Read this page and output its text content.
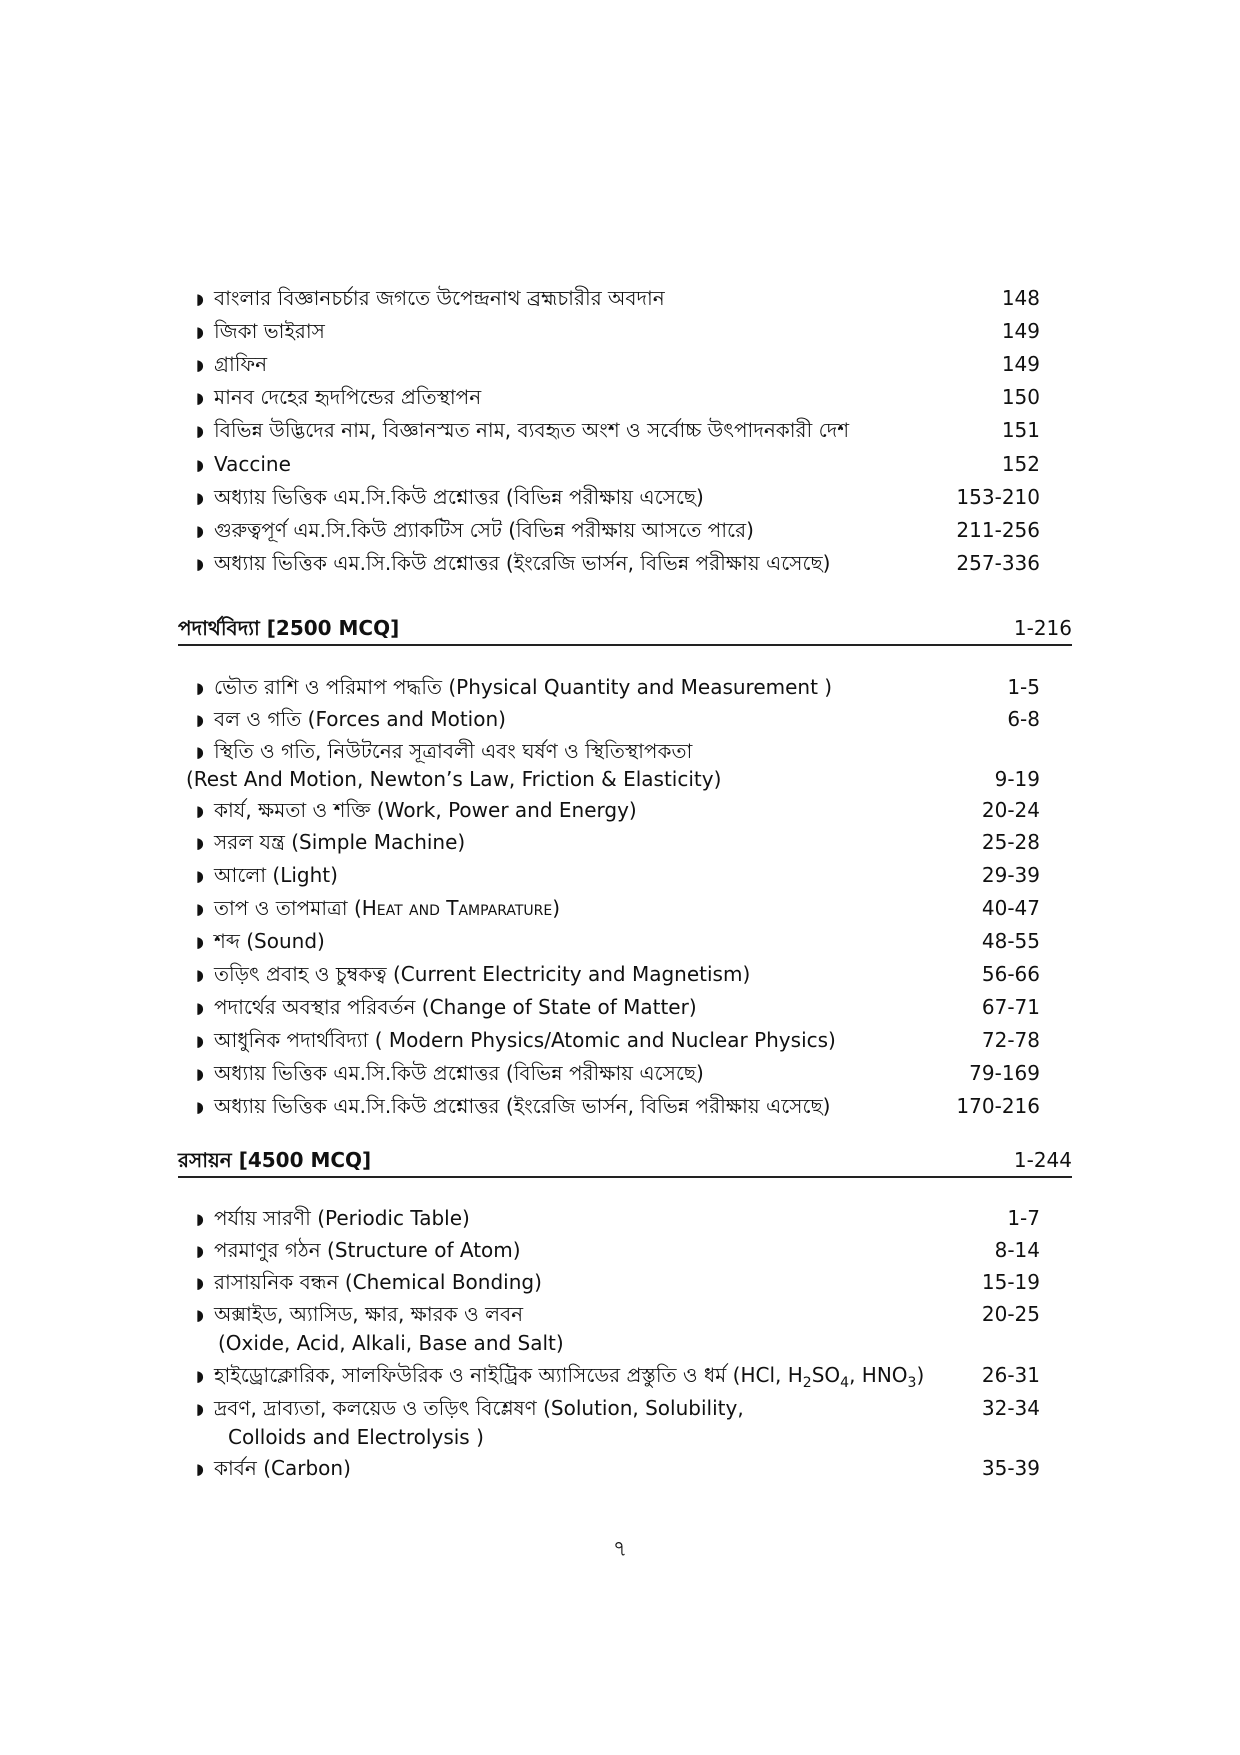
◗ বাংলার বিজ্ঞানচর্চার জগতে উপেন্দ্রনাথ ব্রহ্মচারীর অবদান	148
◗ জিকা ভাইরাস	149
◗ গ্রাফিন	149
◗ মানব দেহের হৃদপিন্ডের প্রতিস্থাপন	150
◗ বিভিন্ন উদ্ভিদের নাম, বিজ্ঞানস্মত নাম, ব্যবহৃত অংশ ও সর্বোচ্চ উৎপাদনকারী দেশ	151
◗ Vaccine	152
◗ অধ্যায় ভিত্তিক এম.সি.কিউ প্রশ্নোত্তর (বিভিন্ন পরীক্ষায় এসেছে)	153-210
◗ গুরুত্বপূর্ণ এম.সি.কিউ প্র্যাকটিস সেট (বিভিন্ন পরীক্ষায় আসতে পারে)	211-256
◗ অধ্যায় ভিত্তিক এম.সি.কিউ প্রশ্নোত্তর (ইংরেজি ভার্সন, বিভিন্ন পরীক্ষায় এসেছে)	257-336
পদার্থবিদ্যা [2500 MCQ]	1-216
◗ ভৌত রাশি ও পরিমাপ পদ্ধতি (Physical Quantity and Measurement )	1-5
◗ বল ও গতি (Forces and Motion)	6-8
◗ স্থিতি ও গতি, নিউটনের সূত্রাবলী এবং ঘর্ষণ ও স্থিতিস্থাপকতা
(Rest And Motion, Newton’s Law, Friction & Elasticity)	9-19
◗ কার্য, ক্ষমতা ও শক্তি (Work, Power and Energy)	20-24
◗ সরল যন্ত্র (Simple Machine)	25-28
◗ আলো (Light)	29-39
◗ তাপ ও তাপমাত্রা (Heat and Tamparature)	40-47
◗ শব্দ (Sound)	48-55
◗ তড়িৎ প্রবাহ ও চুম্বকত্ব (Current Electricity and Magnetism)	56-66
◗ পদার্থের অবস্থার পরিবর্তন (Change of State of Matter)	67-71
◗ আধুনিক পদার্থবিদ্যা ( Modern Physics/Atomic and Nuclear Physics)	72-78
◗ অধ্যায় ভিত্তিক এম.সি.কিউ প্রশ্নোত্তর (বিভিন্ন পরীক্ষায় এসেছে)	79-169
◗ অধ্যায় ভিত্তিক এম.সি.কিউ প্রশ্নোত্তর (ইংরেজি ভার্সন, বিভিন্ন পরীক্ষায় এসেছে)	170-216
রসায়ন [4500 MCQ]	1-244
◗ পর্যায় সারণী (Periodic Table)	1-7
◗ পরমাণুর গঠন (Structure of Atom)	8-14
◗ রাসায়নিক বন্ধন (Chemical Bonding)	15-19
◗ অক্সাইড, অ্যাসিড, ক্ষার, ক্ষারক ও লবন	20-25
(Oxide, Acid, Alkali, Base and Salt)
◗ হাইড্রোক্লোরিক, সালফিউরিক ও নাইট্রিক অ্যাসিডের প্রস্তুতি ও ধর্ম (HCl, $H_2SO_4$, $HNO_3$)	26-31
◗ দ্রবণ, দ্রাব্যতা, কলয়েড ও তড়িৎ বিশ্লেষণ (Solution, Solubility,	32-34
Colloids and Electrolysis )
◗ কার্বন (Carbon)	35-39
৭
